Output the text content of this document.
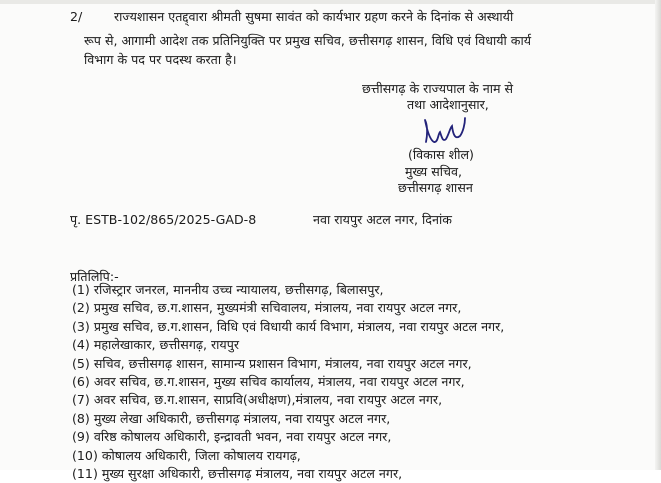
2/	राज्यशासन एतद्द्वारा श्रीमती सुषमा सावंत को कार्यभार ग्रहण करने के दिनांक से अस्थायी
रूप से, आगामी आदेश तक प्रतिनियुक्ति पर प्रमुख सचिव, छत्तीसगढ़ शासन, विधि एवं विधायी कार्य
विभाग के पद पर पदस्थ करता है।
छत्तीसगढ़ के राज्यपाल के नाम से
तथा आदेशानुसार,
(विकास शील)
मुख्य सचिव,
छत्तीसगढ़ शासन
पृ. ESTB-102/865/2025-GAD-8	नवा रायपुर अटल नगर, दिनांक
प्रतिलिपि:-
(1) रजिस्ट्रार जनरल, माननीय उच्च न्यायालय, छत्तीसगढ़, बिलासपुर,
(2) प्रमुख सचिव, छ.ग.शासन, मुख्यमंत्री सचिवालय, मंत्रालय, नवा रायपुर अटल नगर,
(3) प्रमुख सचिव, छ.ग.शासन, विधि एवं विधायी कार्य विभाग, मंत्रालय, नवा रायपुर अटल नगर,
(4) महालेखाकार, छत्तीसगढ़, रायपुर
(5) सचिव, छत्तीसगढ़ शासन, सामान्य प्रशासन विभाग, मंत्रालय, नवा रायपुर अटल नगर,
(6) अवर सचिव, छ.ग.शासन, मुख्य सचिव कार्यालय, मंत्रालय, नवा रायपुर अटल नगर,
(7) अवर सचिव, छ.ग.शासन, साप्रवि(अधीक्षण),मंत्रालय, नवा रायपुर अटल नगर,
(8) मुख्य लेखा अधिकारी, छत्तीसगढ़ मंत्रालय, नवा रायपुर अटल नगर,
(9) वरिष्ठ कोषालय अधिकारी, इन्द्रावती भवन, नवा रायपुर अटल नगर,
(10) कोषालय अधिकारी, जिला कोषालय रायगढ़,
(11) मुख्य सुरक्षा अधिकारी, छत्तीसगढ़ मंत्रालय, नवा रायपुर अटल नगर,
